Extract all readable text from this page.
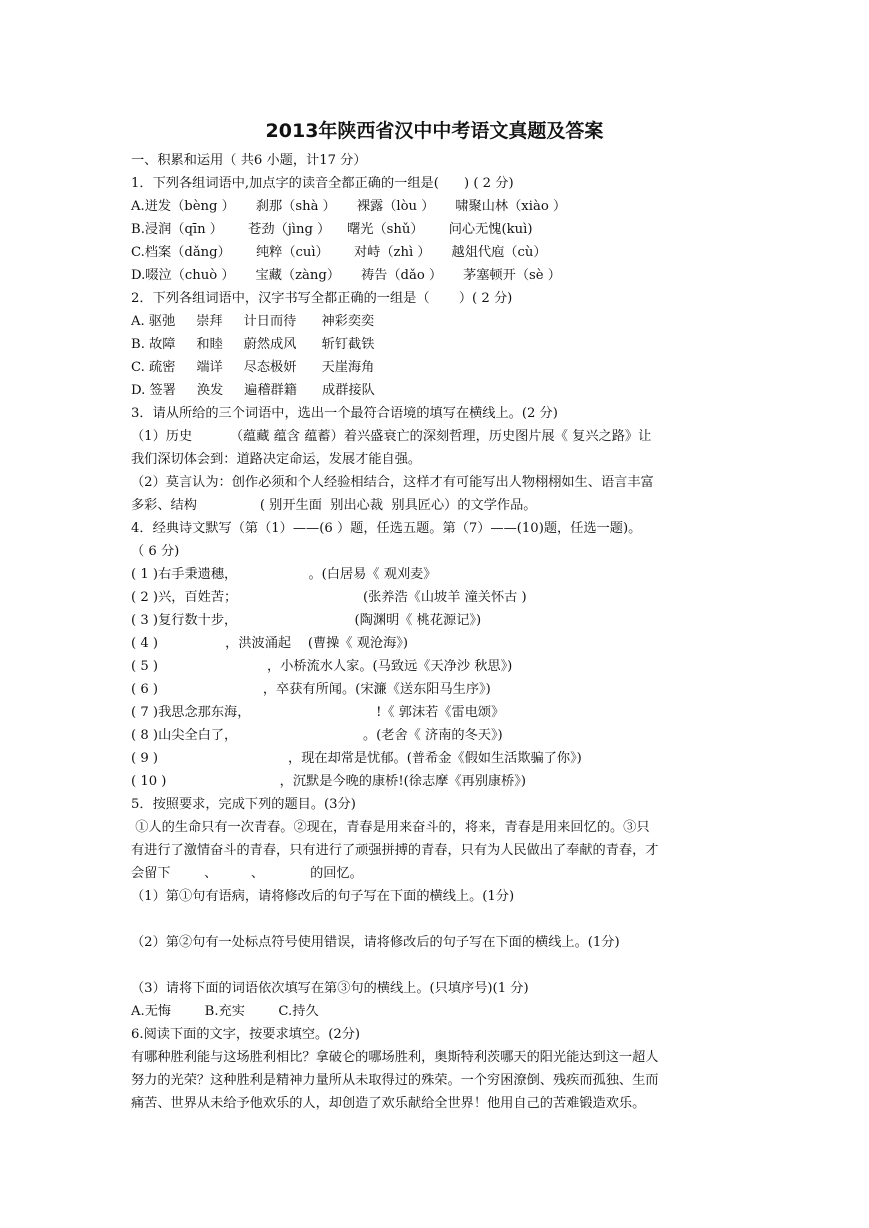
2013年陕西省汉中中考语文真题及答案
一、积累和运用（ 共6 小题，计17 分）
1．下列各组词语中,加点字的读音全都正确的一组是(      ) ( 2 分)
A.迸发（bèng ）     刹那（shà ）     裸露（lòu ）     啸聚山林（xiào ）
B.浸润（qīn ）      苍劲（jìng ）    曙光（shǔ）      问心无愧(kuì)
C.档案（dǎng）      纯粹（cuì）      对峙（zhì ）     越俎代庖（cù）
D.啜泣（chuò ）     宝藏（zàng）     祷告（dǎo ）     茅塞顿开（sè ）
2．下列各组词语中，汉字书写全都正确的一组是（       ）( 2 分)
A. 驱弛     崇拜     计日而待      神彩奕奕
B. 故障     和睦     蔚然成风      斩钉截铁
C. 疏密     端详     尽态极妍      天崖海角
D. 签署     涣发     遍稽群籍      成群接队
3．请从所给的三个词语中，选出一个最符合语境的填写在横线上。(2 分)
（1）历史         （蕴藏 蕴含 蕴蓄）着兴盛衰亡的深刻哲理，历史图片展《 复兴之路》让
我们深切体会到：道路决定命运，发展才能自强。
（2）莫言认为：创作必须和个人经验相结合，这样才有可能写出人物栩栩如生、语言丰富
多彩、结构               ( 别开生面  别出心裁  别具匠心）的文学作品。
4．经典诗文默写（第（1）——(6 ）题，任选五题。第（7）——(10)题，任选一题)。
（ 6 分)
( 1 )右手秉遗穗，                 。(白居易《 观刈麦》
( 2 )兴，百姓苦；                              (张养浩《山坡羊 潼关怀古 )
( 3 )复行数十步，                            (陶渊明《 桃花源记》)
( 4 )                ，洪波涌起    (曹操《 观沧海》)
( 5 )                          ，小桥流水人家。(马致远《天净沙 秋思》)
( 6 )                         ，卒获有所闻。(宋濂《送东阳马生序》)
( 7 )我思念那东海，                              !《 郭沫若《雷电颂》
( 8 )山尖全白了，                              。(老舍《 济南的冬天》)
( 9 )                               ，现在却常是忧郁。(普希金《假如生活欺骗了你》)
( 10 )                           ，沉默是今晚的康桥!(徐志摩《再别康桥》)
5．按照要求，完成下列的题目。(3分)
①人的生命只有一次青春。②现在，青春是用来奋斗的，将来，青春是用来回忆的。③只
有进行了激情奋斗的青春，只有进行了顽强拼搏的青春，只有为人民做出了奉献的青春，才
会留下        、        、           的回忆。
（1）第①句有语病，请将修改后的句子写在下面的横线上。(1分)
（2）第②句有一处标点符号使用错误，请将修改后的句子写在下面的横线上。(1分)
（3）请将下面的词语依次填写在第③句的横线上。(只填序号)(1 分)
A.无悔        B.充实        C.持久
6.阅读下面的文字，按要求填空。(2分)
有哪种胜利能与这场胜利相比？拿破仑的哪场胜利，奥斯特利茨哪天的阳光能达到这一超人
努力的光荣？这种胜利是精神力量所从未取得过的殊荣。一个穷困潦倒、残疾而孤独、生而
痛苦、世界从未给予他欢乐的人，却创造了欢乐献给全世界！他用自己的苦难锻造欢乐。
